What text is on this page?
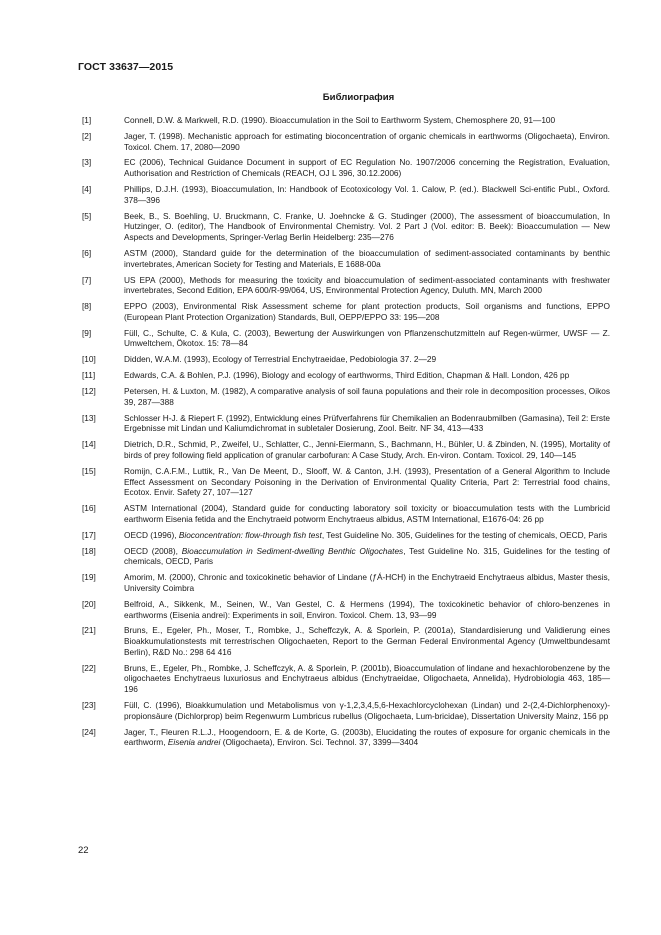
ГОСТ 33637—2015
Библиография
[1]	Connell, D.W. & Markwell, R.D. (1990). Bioaccumulation in the Soil to Earthworm System, Chemosphere 20, 91—100
[2]	Jager, T. (1998). Mechanistic approach for estimating bioconcentration of organic chemicals in earthworms (Oligochaeta), Environ. Toxicol. Chem. 17, 2080—2090
[3]	EC (2006), Technical Guidance Document in support of EC Regulation No. 1907/2006 concerning the Registration, Evaluation, Authorisation and Restriction of Chemicals (REACH, OJ L 396, 30.12.2006)
[4]	Phillips, D.J.H. (1993), Bioaccumulation, In: Handbook of Ecotoxicology Vol. 1. Calow, P. (ed.). Blackwell Sci-entific Publ., Oxford. 378—396
[5]	Beek, B., S. Boehling, U. Bruckmann, C. Franke, U. Joehncke & G. Studinger (2000), The assessment of bioaccumulation, In Hutzinger, O. (editor), The Handbook of Environmental Chemistry. Vol. 2 Part J (Vol. editor: B. Beek): Bioaccumulation — New Aspects and Developments, Springer-Verlag Berlin Heidelberg: 235—276
[6]	ASTM (2000), Standard guide for the determination of the bioaccumulation of sediment-associated contaminants by benthic invertebrates, American Society for Testing and Materials, E 1688-00a
[7]	US EPA (2000), Methods for measuring the toxicity and bioaccumulation of sediment-associated contaminants with freshwater invertebrates, Second Edition, EPA 600/R-99/064, US, Environmental Protection Agency, Duluth. MN, March 2000
[8]	EPPO (2003), Environmental Risk Assessment scheme for plant protection products, Soil organisms and functions, EPPO (European Plant Protection Organization) Standards, Bull, OEPP/EPPO 33: 195—208
[9]	Füll, C., Schulte, C. & Kula, C. (2003), Bewertung der Auswirkungen von Pflanzenschutzmitteln auf Regen-würmer, UWSF — Z. Umweltchem, Ökotox. 15: 78—84
[10]	Didden, W.A.M. (1993), Ecology of Terrestrial Enchytraeidae, Pedobiologia 37. 2—29
[11]	Edwards, C.A. & Bohlen, P.J. (1996), Biology and ecology of earthworms, Third Edition, Chapman & Hall. London, 426 pp
[12]	Petersen, H. & Luxton, M. (1982), A comparative analysis of soil fauna populations and their role in decomposition processes, Oikos 39, 287—388
[13]	Schlosser H-J. & Riepert F. (1992), Entwicklung eines Prüfverfahrens für Chemikalien an Bodenraubmilben (Gamasina), Teil 2: Erste Ergebnisse mit Lindan und Kaliumdichromat in subletaler Dosierung, Zool. Beitr. NF 34, 413—433
[14]	Dietrich, D.R., Schmid, P., Zweifel, U., Schlatter, C., Jenni-Eiermann, S., Bachmann, H., Bühler, U. & Zbinden, N. (1995), Mortality of birds of prey following field application of granular carbofuran: A Case Study, Arch. En-viron. Contam. Toxicol. 29, 140—145
[15]	Romijn, C.A.F.M., Luttik, R., Van De Meent, D., Slooff, W. & Canton, J.H. (1993), Presentation of a General Algorithm to Include Effect Assessment on Secondary Poisoning in the Derivation of Environmental Quality Criteria, Part 2: Terrestrial food chains, Ecotox. Envir. Safety 27, 107—127
[16]	ASTM International (2004), Standard guide for conducting laboratory soil toxicity or bioaccumulation tests with the Lumbricid earthworm Eisenia fetida and the Enchytraeid potworm Enchytraeus albidus, ASTM International, E1676-04: 26 pp
[17]	OECD (1996), Bioconcentration: flow-through fish test, Test Guideline No. 305, Guidelines for the testing of chemicals, OECD, Paris
[18]	OECD (2008), Bioaccumulation in Sediment-dwelling Benthic Oligochates, Test Guideline No. 315, Guidelines for the testing of chemicals, OECD, Paris
[19]	Amorim, M. (2000), Chronic and toxicokinetic behavior of Lindane (ƒÁ-HCH) in the Enchytraeid Enchytraeus albidus, Master thesis, University Coimbra
[20]	Belfroid, A., Sikkenk, M., Seinen, W., Van Gestel, C. & Hermens (1994), The toxicokinetic behavior of chloro-benzenes in earthworms (Eisenia andrei): Experiments in soil, Environ. Toxicol. Chem. 13, 93—99
[21]	Bruns, E., Egeler, Ph., Moser, T., Rombke, J., Scheffczyk, A. & Sporlein, P. (2001a), Standardisierung und Validierung eines Bioakkumulationstests mit terrestrischen Oligochaeten, Report to the German Federal Environmental Agency (Umweltbundesamt Berlin), R&D No.: 298 64 416
[22]	Bruns, E., Egeler, Ph., Rombke, J. Scheffczyk, A. & Sporlein, P. (2001b), Bioaccumulation of lindane and hexachlorobenzene by the oligochaetes Enchytraeus luxuriosus and Enchytraeus albidus (Enchytraeidae, Oligochaeta, Annelida), Hydrobiologia 463, 185—196
[23]	Füll, C. (1996), Bioakkumulation und Metabolismus von γ-1,2,3,4,5,6-Hexachlorcyclohexan (Lindan) und 2-(2,4-Dichlorphenoxy)-propionsäure (Dichlorprop) beim Regenwurm Lumbricus rubellus (Oligochaeta, Lum-bricidae), Dissertation University Mainz, 156 pp
[24]	Jager, T., Fleuren R.L.J., Hoogendoorn, E. & de Korte, G. (2003b), Elucidating the routes of exposure for organic chemicals in the earthworm, Eisenia andrei (Oligochaeta), Environ. Sci. Technol. 37, 3399—3404
22
